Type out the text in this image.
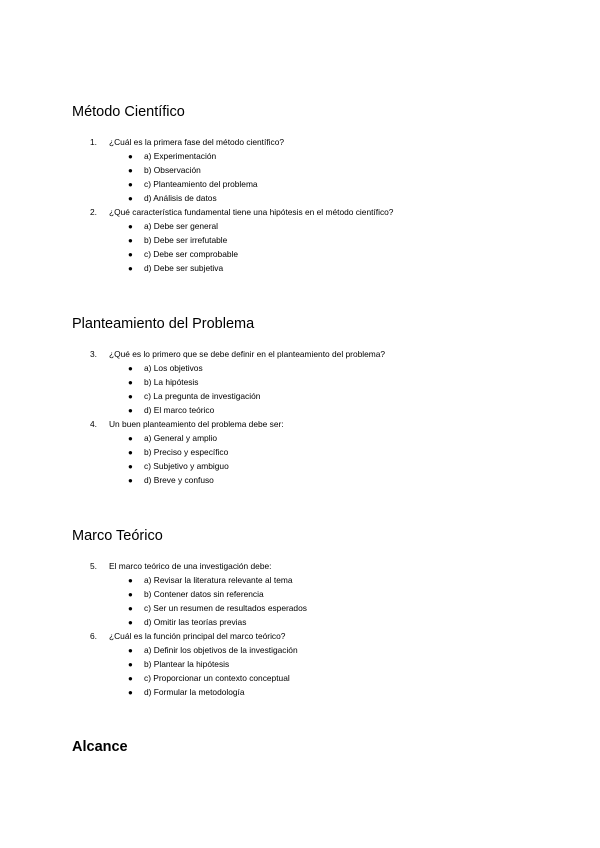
Método Científico
1. ¿Cuál es la primera fase del método científico?
● a) Experimentación
● b) Observación
● c) Planteamiento del problema
● d) Análisis de datos
2. ¿Qué característica fundamental tiene una hipótesis en el método científico?
● a) Debe ser general
● b) Debe ser irrefutable
● c) Debe ser comprobable
● d) Debe ser subjetiva
Planteamiento del Problema
3. ¿Qué es lo primero que se debe definir en el planteamiento del problema?
● a) Los objetivos
● b) La hipótesis
● c) La pregunta de investigación
● d) El marco teórico
4. Un buen planteamiento del problema debe ser:
● a) General y amplio
● b) Preciso y específico
● c) Subjetivo y ambiguo
● d) Breve y confuso
Marco Teórico
5. El marco teórico de una investigación debe:
● a) Revisar la literatura relevante al tema
● b) Contener datos sin referencia
● c) Ser un resumen de resultados esperados
● d) Omitir las teorías previas
6. ¿Cuál es la función principal del marco teórico?
● a) Definir los objetivos de la investigación
● b) Plantear la hipótesis
● c) Proporcionar un contexto conceptual
● d) Formular la metodología
Alcance
